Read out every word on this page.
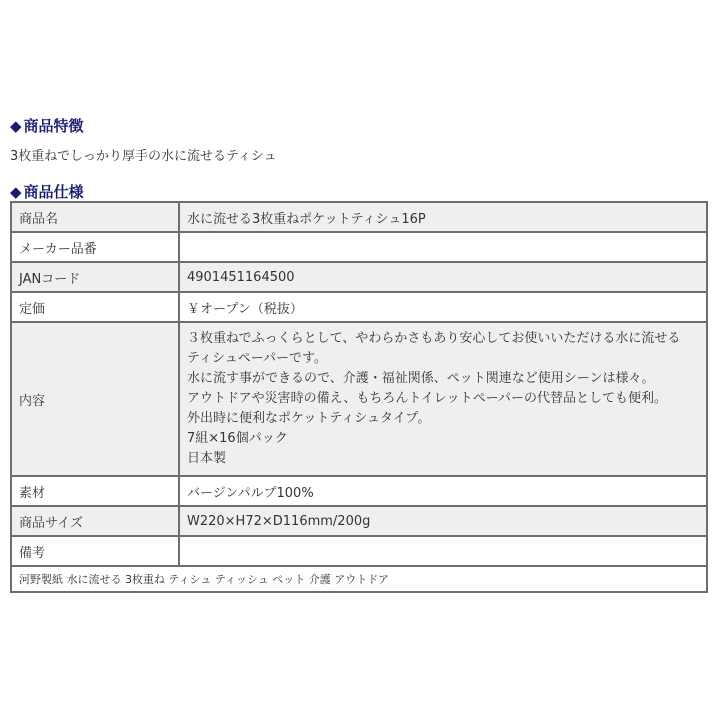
◆ 商品特徴
3枚重ねでしっかり厚手の水に流せるティシュ
◆ 商品仕様
商品名	水に流せる3枚重ねポケットティシュ16P
メーカー品番	
JANコード	4901451164500
定価	￥オープン（税抜）
内容	
３枚重ねでふっくらとして、やわらかさもあり安心してお使いいただける水に流せる
ティシュペーパーです。
水に流す事ができるので、介護・福祉関係、ペット関連など使用シーンは様々。
アウトドアや災害時の備え、もちろんトイレットペーパーの代替品としても便利。
外出時に便利なポケットティシュタイプ。
7組×16個パック
日本製

素材	バージンパルプ100%
商品サイズ	W220×H72×D116mm/200g
備考	
河野製紙 水に流せる 3枚重ね ティシュ ティッシュ ペット 介護 アウトドア	
